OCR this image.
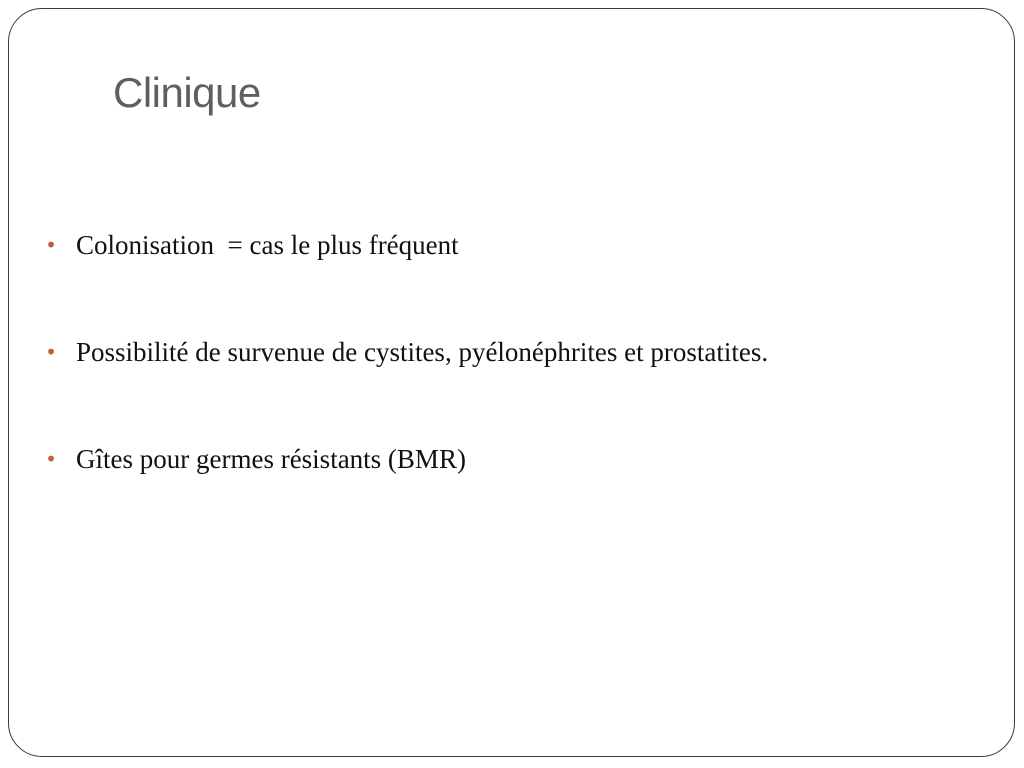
Clinique
• Colonisation  = cas le plus fréquent
• Possibilité de survenue de cystites, pyélonéphrites et prostatites.
• Gîtes pour germes résistants (BMR)
